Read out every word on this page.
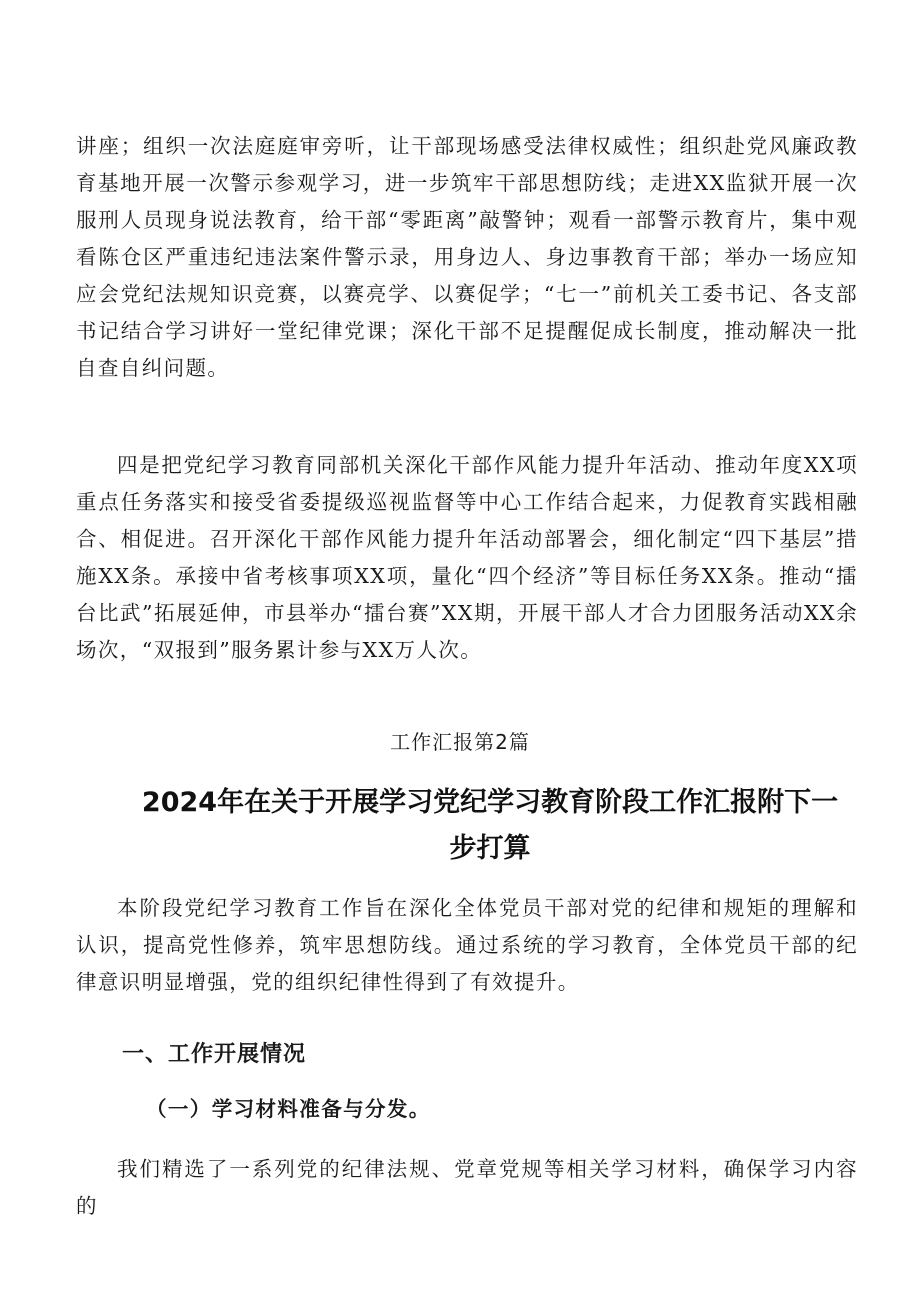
讲座；组织一次法庭庭审旁听，让干部现场感受法律权威性；组织赴党风廉政教育基地开展一次警示参观学习，进一步筑牢干部思想防线；走进XX监狱开展一次服刑人员现身说法教育，给干部“零距离”敲警钟；观看一部警示教育片，集中观看陈仓区严重违纪违法案件警示录，用身边人、身边事教育干部；举办一场应知应会党纪法规知识竞赛，以赛亮学、以赛促学；“七一”前机关工委书记、各支部书记结合学习讲好一堂纪律党课；深化干部不足提醒促成长制度，推动解决一批自查自纠问题。

四是把党纪学习教育同部机关深化干部作风能力提升年活动、推动年度XX项重点任务落实和接受省委提级巡视监督等中心工作结合起来，力促教育实践相融合、相促进。召开深化干部作风能力提升年活动部署会，细化制定“四下基层”措施XX条。承接中省考核事项XX项，量化“四个经济”等目标任务XX条。推动“擂台比武”拓展延伸，市县举办“擂台赛”XX期，开展干部人才合力团服务活动XX余场次，“双报到”服务累计参与XX万人次。

工作汇报第2篇

2024年在关于开展学习党纪学习教育阶段工作汇报附下一步打算

本阶段党纪学习教育工作旨在深化全体党员干部对党的纪律和规矩的理解和认识，提高党性修养，筑牢思想防线。通过系统的学习教育，全体党员干部的纪律意识明显增强，党的组织纪律性得到了有效提升。

一、工作开展情况
（一）学习材料准备与分发。

我们精选了一系列党的纪律法规、党章党规等相关学习材料，确保学习内容的
